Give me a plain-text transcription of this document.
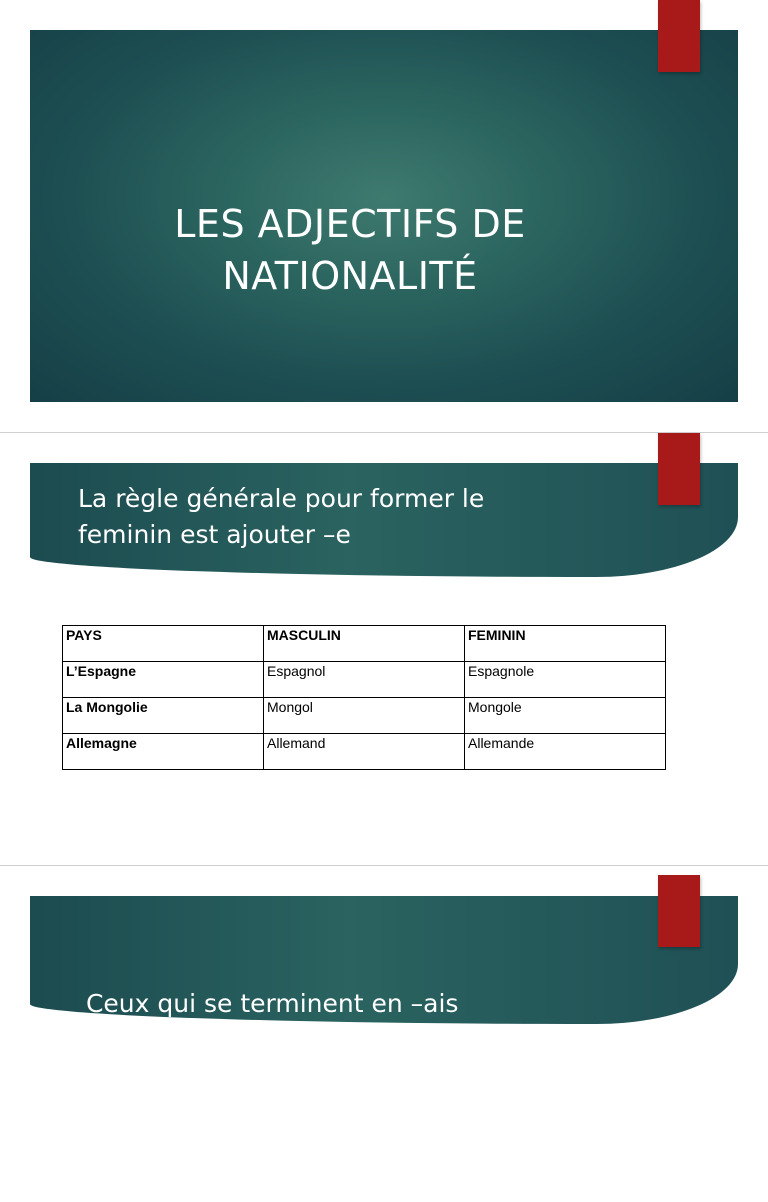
LES ADJECTIFS DE
NATIONALITÉ
La règle générale pour former le
feminin est ajouter –e
PAYS	MASCULIN	FEMININ
L’Espagne	Espagnol	Espagnole
La Mongolie	Mongol	Mongole
Allemagne	Allemand	Allemande

Ceux qui se terminent en –ais

prennent –e au feminin
